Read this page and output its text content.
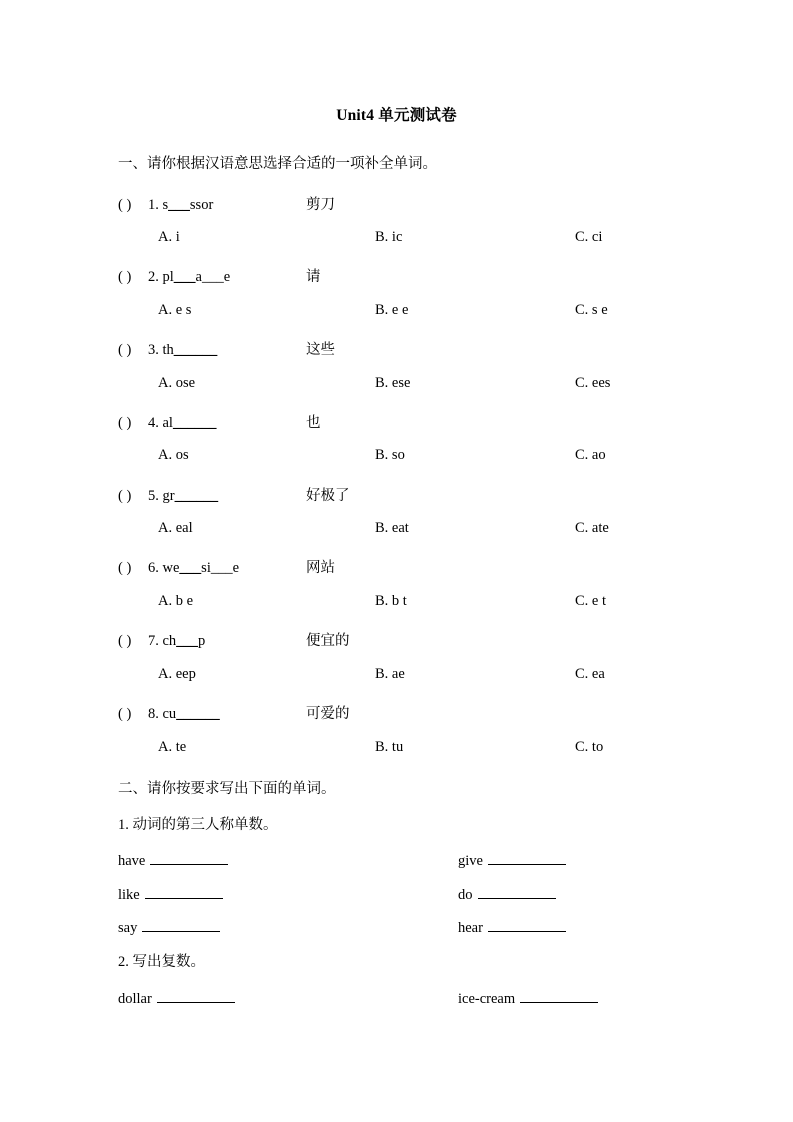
Unit4 单元测试卷
一、请你根据汉语意思选择合适的一项补全单词。
( ) 1. s___ssor	剪刀
A. i	B. ic	C. ci
( ) 2. pl___a___e	请
A. e s	B. e e	C. s e
( ) 3. th______	这些
A. ose	B. ese	C. ees
( ) 4. al______	也
A. os	B. so	C. ao
( ) 5. gr______	好极了
A. eal	B. eat	C. ate
( ) 6. we___si___e	网站
A. b e	B. b t	C. e t
( ) 7. ch___p	便宜的
A. eep	B. ae	C. ea
( ) 8. cu______	可爱的
A. te	B. tu	C. to
二、请你按要求写出下面的单词。
1. 动词的第三人称单数。
have	give
like	do
say	hear
2. 写出复数。
dollar	ice-cream
